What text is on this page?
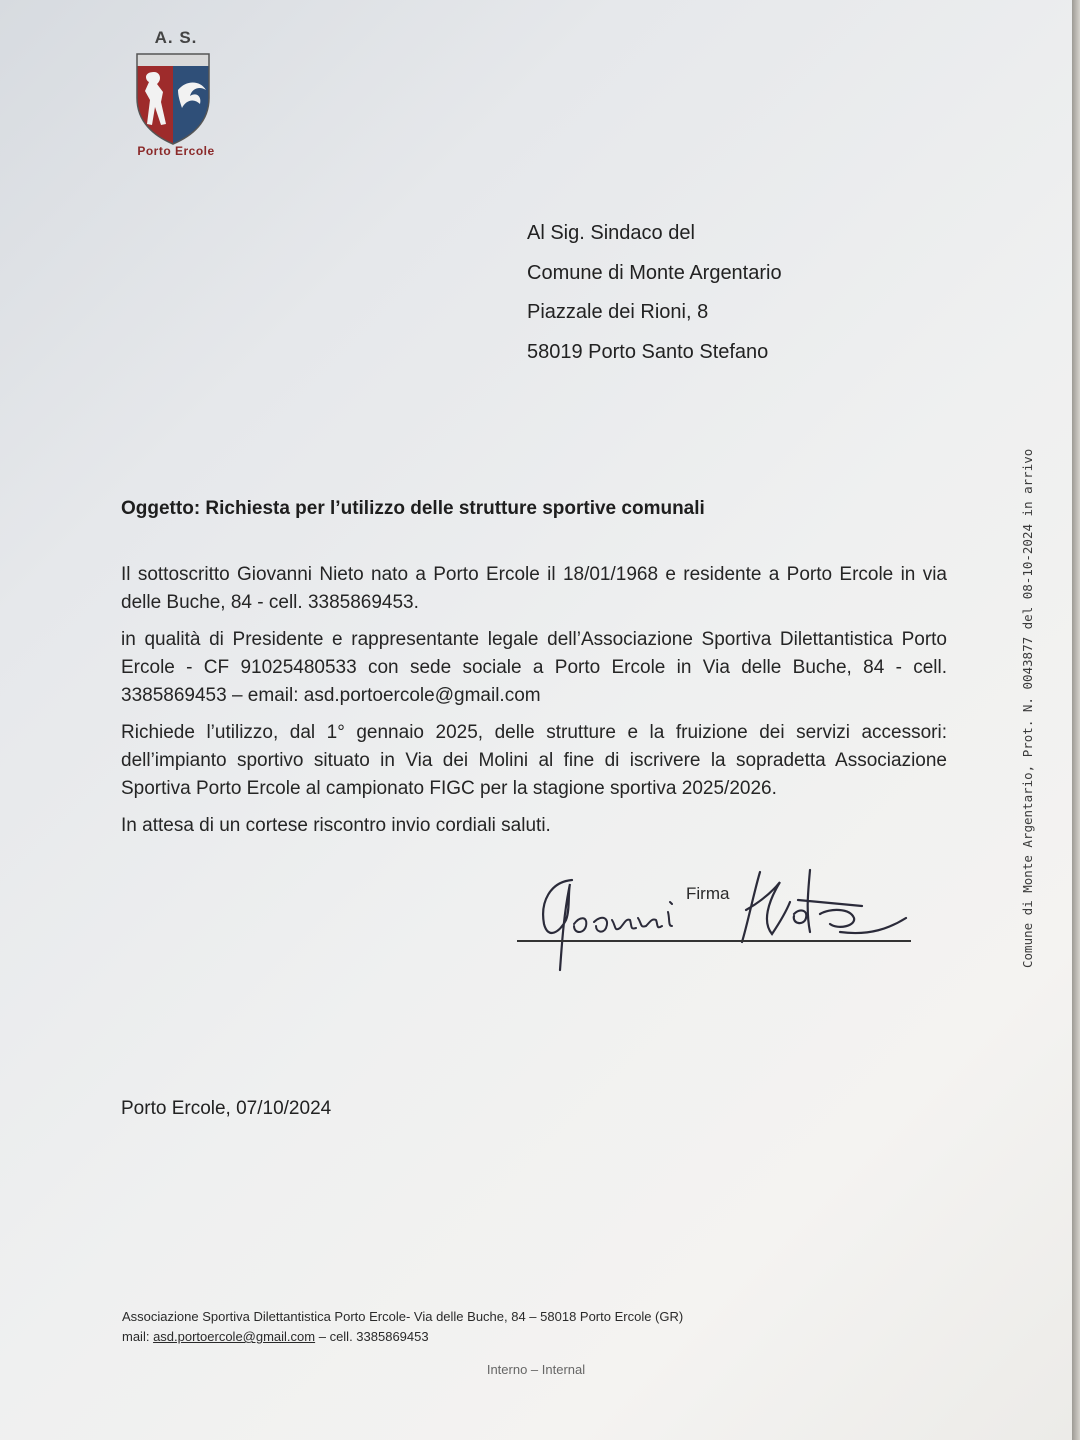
A. S.
Porto Ercole
Al Sig. Sindaco del
Comune di Monte Argentario
Piazzale dei Rioni, 8
58019 Porto Santo Stefano
Oggetto: Richiesta per l’utilizzo delle strutture sportive comunali

Il sottoscritto Giovanni Nieto nato a Porto Ercole il 18/01/1968 e residente a Porto Ercole in via delle Buche, 84 - cell. 3385869453.

in qualità di Presidente e rappresentante legale dell’Associazione Sportiva Dilettantistica Porto Ercole - CF 91025480533 con sede sociale a Porto Ercole in Via delle Buche, 84 - cell. 3385869453 – email: asd.portoercole@gmail.com

Richiede l’utilizzo, dal 1° gennaio 2025, delle strutture e la fruizione dei servizi accessori: dell’impianto sportivo situato in Via dei Molini al fine di iscrivere la sopradetta Associazione Sportiva Porto Ercole al campionato FIGC per la stagione sportiva 2025/2026.

In attesa di un cortese riscontro invio cordiali saluti.

Firma
Porto Ercole, 07/10/2024
Comune di Monte Argentario, Prot. N. 0043877 del 08-10-2024 in arrivo
Associazione Sportiva Dilettantistica Porto Ercole- Via delle Buche, 84 – 58018 Porto Ercole (GR)
mail: asd.portoercole@gmail.com – cell. 3385869453
Interno – Internal
